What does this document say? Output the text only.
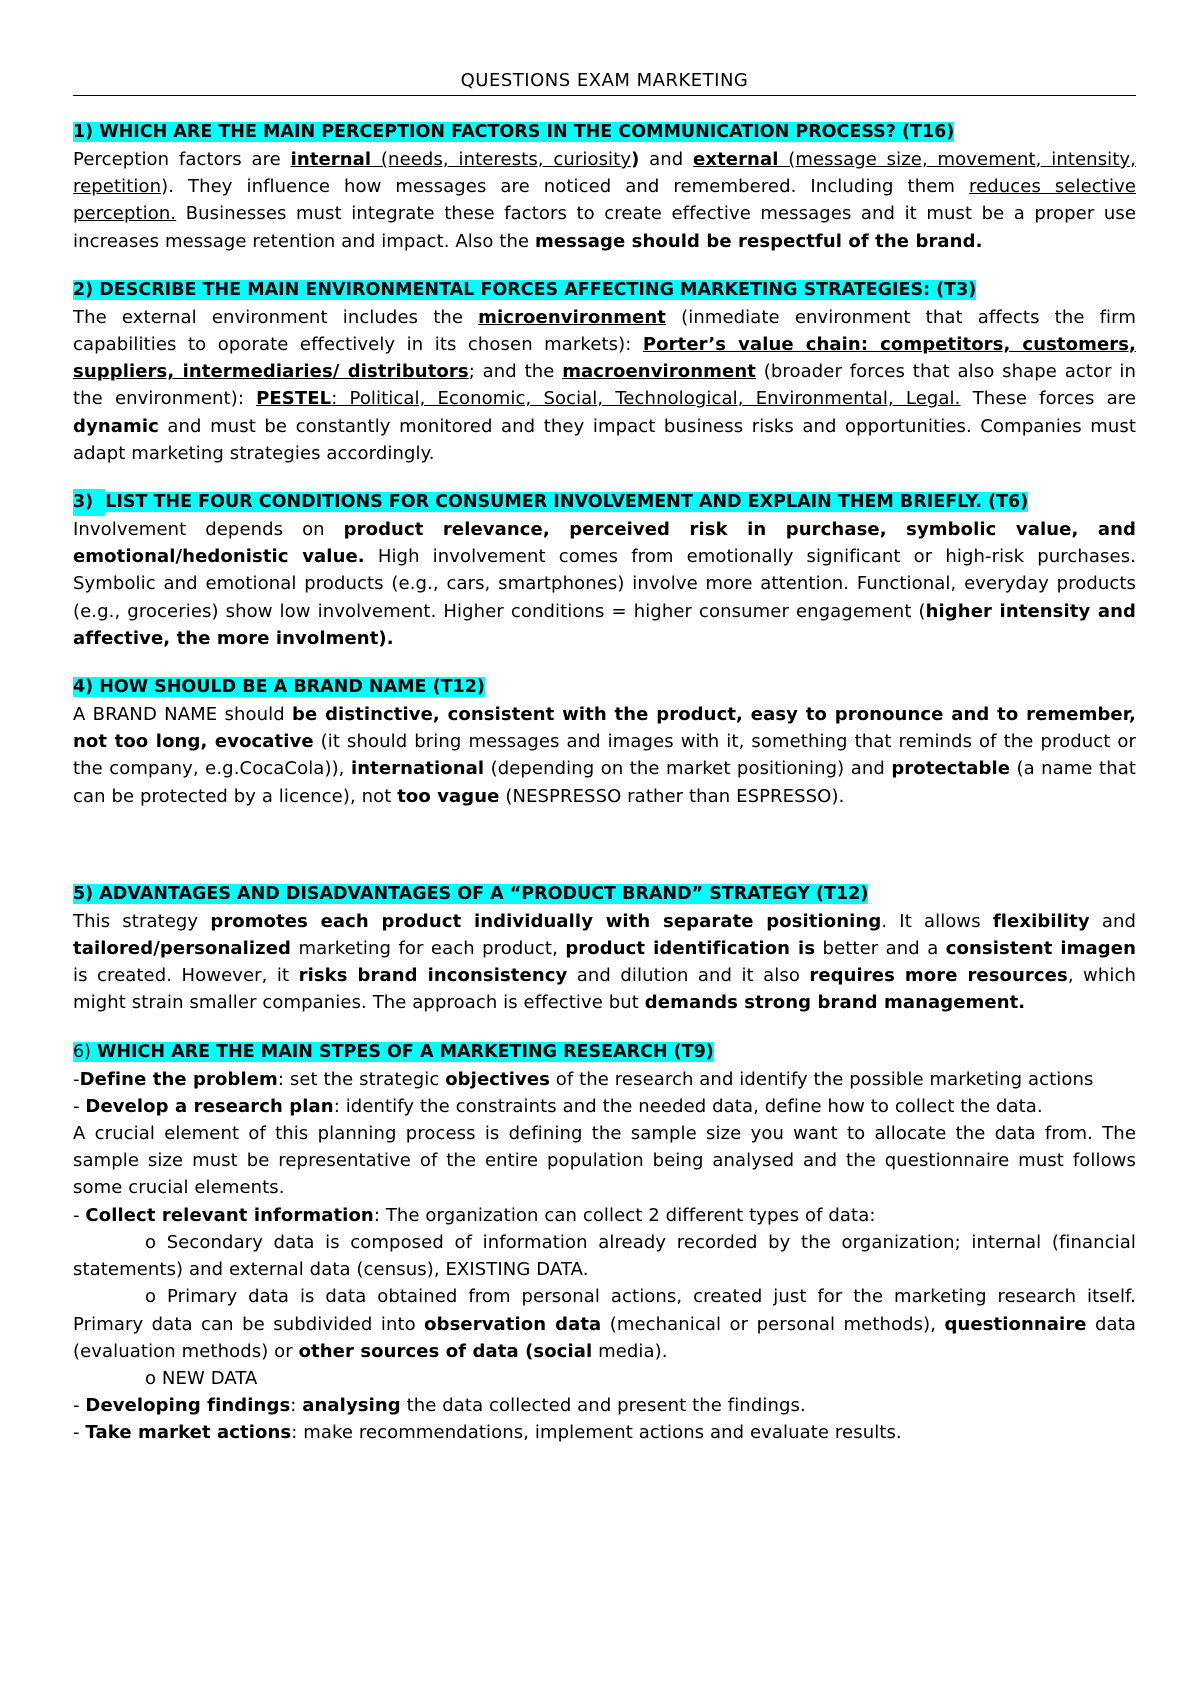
QUESTIONS EXAM MARKETING
1) WHICH ARE THE MAIN PERCEPTION FACTORS IN THE COMMUNICATION PROCESS? (T16)
Perception factors are internal (needs, interests, curiosity) and external (message size, movement, intensity, repetition). They influence how messages are noticed and remembered. Including them reduces selective perception. Businesses must integrate these factors to create effective messages and it must be a proper use increases message retention and impact. Also the message should be respectful of the brand.
2) DESCRIBE THE MAIN ENVIRONMENTAL FORCES AFFECTING MARKETING STRATEGIES: (T3)
The external environment includes the microenvironment (inmediate environment that affects the firm capabilities to oporate effectively in its chosen markets): Porter’s value chain: competitors, customers, suppliers, intermediaries/ distributors; and the macroenvironment (broader forces that also shape actor in the environment): PESTEL: Political, Economic, Social, Technological, Environmental, Legal. These forces are dynamic and must be constantly monitored and they impact business risks and opportunities. Companies must adapt marketing strategies accordingly.
3) LIST THE FOUR CONDITIONS FOR CONSUMER INVOLVEMENT AND EXPLAIN THEM BRIEFLY. (T6)
Involvement depends on product relevance, perceived risk in purchase, symbolic value, and emotional/hedonistic value. High involvement comes from emotionally significant or high-risk purchases. Symbolic and emotional products (e.g., cars, smartphones) involve more attention. Functional, everyday products (e.g., groceries) show low involvement. Higher conditions = higher consumer engagement (higher intensity and affective, the more involment).
4) HOW SHOULD BE A BRAND NAME (T12)
A BRAND NAME should be distinctive, consistent with the product, easy to pronounce and to remember, not too long, evocative (it should bring messages and images with it, something that reminds of the product or the company, e.g.CocaCola)), international (depending on the market positioning) and protectable (a name that can be protected by a licence), not too vague (NESPRESSO rather than ESPRESSO).
5) ADVANTAGES AND DISADVANTAGES OF A “PRODUCT BRAND” STRATEGY (T12)
This strategy promotes each product individually with separate positioning. It allows flexibility and tailored/personalized marketing for each product, product identification is better and a consistent imagen is created. However, it risks brand inconsistency and dilution and it also requires more resources, which might strain smaller companies. The approach is effective but demands strong brand management.
6) WHICH ARE THE MAIN STPES OF A MARKETING RESEARCH (T9)
-Define the problem: set the strategic objectives of the research and identify the possible marketing actions
- Develop a research plan: identify the constraints and the needed data, define how to collect the data.
A crucial element of this planning process is defining the sample size you want to allocate the data from. The sample size must be representative of the entire population being analysed and the questionnaire must follows some crucial elements.
- Collect relevant information: The organization can collect 2 different types of data:
o Secondary data is composed of information already recorded by the organization; internal (financial statements) and external data (census), EXISTING DATA.
o Primary data is data obtained from personal actions, created just for the marketing research itself. Primary data can be subdivided into observation data (mechanical or personal methods), questionnaire data (evaluation methods) or other sources of data (social media).
o NEW DATA
- Developing findings: analysing the data collected and present the findings.
- Take market actions: make recommendations, implement actions and evaluate results.
